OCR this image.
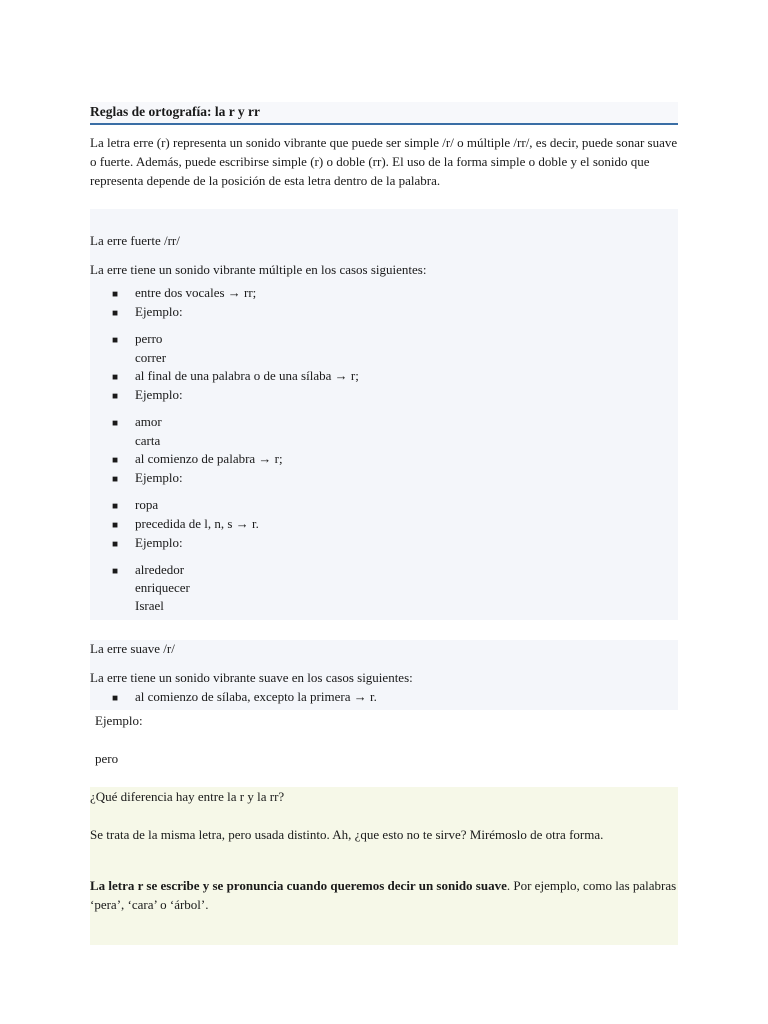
Reglas de ortografía: la r y rr
La letra erre (r) representa un sonido vibrante que puede ser simple /r/ o múltiple /rr/, es decir, puede sonar suave o fuerte. Además, puede escribirse simple (r) o doble (rr). El uso de la forma simple o doble y el sonido que representa depende de la posición de esta letra dentro de la palabra.
La erre fuerte /rr/
La erre tiene un sonido vibrante múltiple en los casos siguientes:
■ entre dos vocales → rr;
■ Ejemplo:
■ perro
correr
■ al final de una palabra o de una sílaba → r;
■ Ejemplo:
■ amor
carta
■ al comienzo de palabra → r;
■ Ejemplo:
■ ropa
■ precedida de l, n, s → r.
■ Ejemplo:
■ alrededor
enriquecer
Israel
La erre suave /r/
La erre tiene un sonido vibrante suave en los casos siguientes:
■ al comienzo de sílaba, excepto la primera → r.
Ejemplo:
pero
¿Qué diferencia hay entre la r y la rr?
Se trata de la misma letra, pero usada distinto. Ah, ¿que esto no te sirve? Mirémoslo de otra forma.
La letra r se escribe y se pronuncia cuando queremos decir un sonido suave. Por ejemplo, como las palabras ‘pera’, ‘cara’ o ‘árbol’.
